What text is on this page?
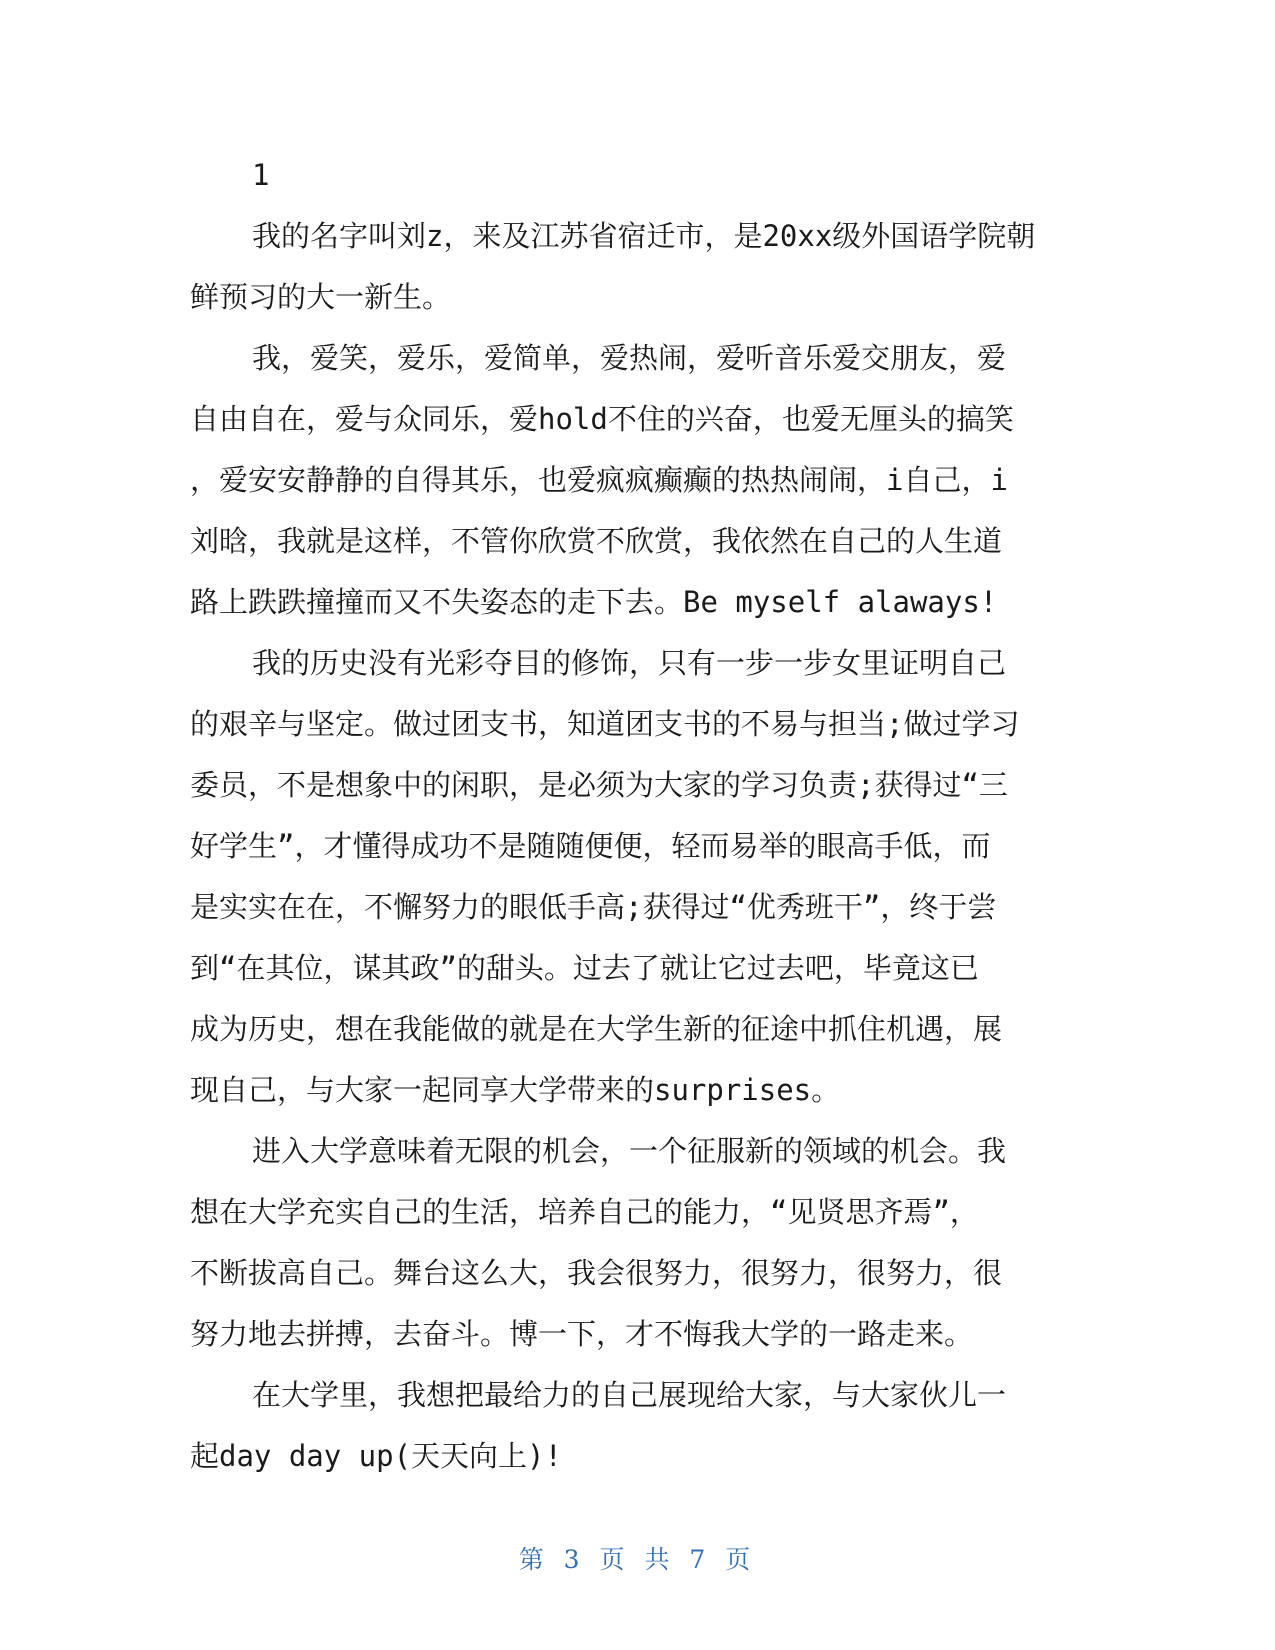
1
我的名字叫刘z，来及江苏省宿迁市，是20xx级外国语学院朝
鲜预习的大一新生。
我，爱笑，爱乐，爱简单，爱热闹，爱听音乐爱交朋友，爱
自由自在，爱与众同乐，爱hold不住的兴奋，也爱无厘头的搞笑
，爱安安静静的自得其乐，也爱疯疯癫癫的热热闹闹，i自己，i
刘晗，我就是这样，不管你欣赏不欣赏，我依然在自己的人生道
路上跌跌撞撞而又不失姿态的走下去。Be myself alaways!
我的历史没有光彩夺目的修饰，只有一步一步女里证明自己
的艰辛与坚定。做过团支书，知道团支书的不易与担当;做过学习
委员，不是想象中的闲职，是必须为大家的学习负责;获得过“三
好学生”，才懂得成功不是随随便便，轻而易举的眼高手低，而
是实实在在，不懈努力的眼低手高;获得过“优秀班干”，终于尝
到“在其位，谋其政”的甜头。过去了就让它过去吧，毕竟这已
成为历史，想在我能做的就是在大学生新的征途中抓住机遇，展
现自己，与大家一起同享大学带来的surprises。
进入大学意味着无限的机会，一个征服新的领域的机会。我
想在大学充实自己的生活，培养自己的能力，“见贤思齐焉”，
不断拔高自己。舞台这么大，我会很努力，很努力，很努力，很
努力地去拼搏，去奋斗。博一下，才不悔我大学的一路走来。
在大学里，我想把最给力的自己展现给大家，与大家伙儿一
起day day up(天天向上)!
第 3 页 共 7 页
